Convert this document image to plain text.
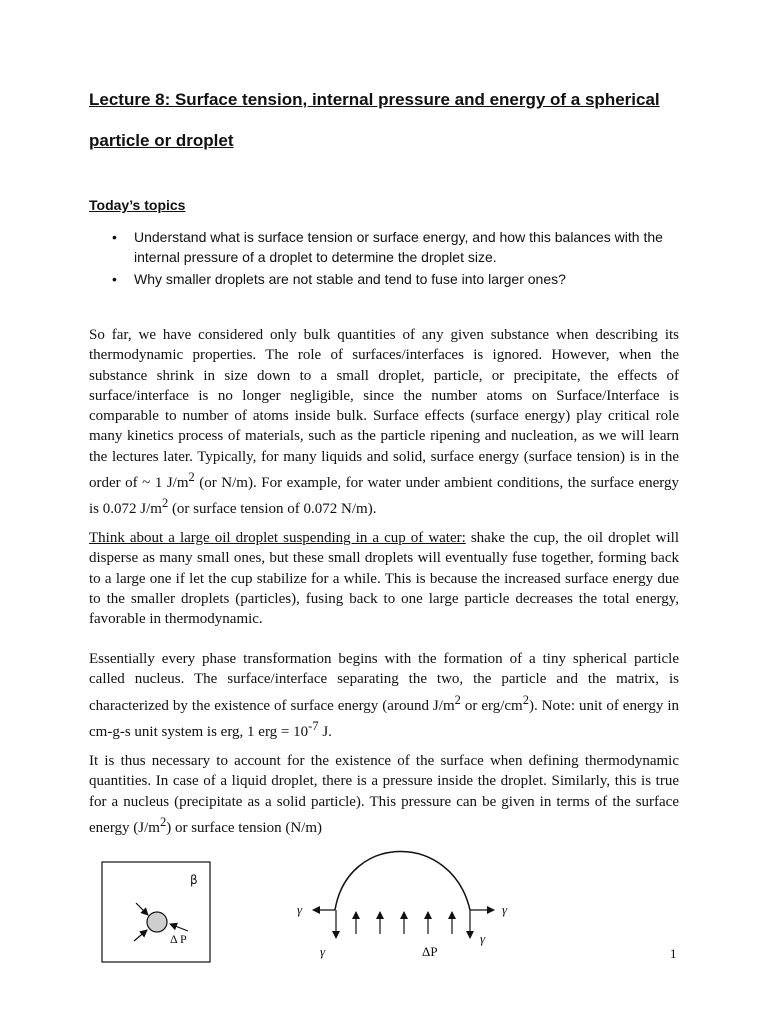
Lecture 8: Surface tension, internal pressure and energy of a spherical
particle or droplet
Today’s topics
• Understand what is surface tension or surface energy, and how this balances with the internal pressure of a droplet to determine the droplet size.
• Why smaller droplets are not stable and tend to fuse into larger ones?

So far, we have considered only bulk quantities of any given substance when describing its thermodynamic properties. The role of surfaces/interfaces is ignored. However, when the substance shrink in size down to a small droplet, particle, or precipitate, the effects of surface/interface is no longer negligible, since the number atoms on Surface/Interface is comparable to number of atoms inside bulk. Surface effects (surface energy) play critical role many kinetics process of materials, such as the particle ripening and nucleation, as we will learn the lectures later. Typically, for many liquids and solid, surface energy (surface tension) is in the order of ~ 1 $J/m^2$ (or N/m). For example, for water under ambient conditions, the surface energy is 0.072 $J/m^2$ (or surface tension of 0.072 N/m).

Think about a large oil droplet suspending in a cup of water: shake the cup, the oil droplet will disperse as many small ones, but these small droplets will eventually fuse together, forming back to a large one if let the cup stabilize for a while. This is because the increased surface energy due to the smaller droplets (particles), fusing back to one large particle decreases the total energy, favorable in thermodynamic.

Essentially every phase transformation begins with the formation of a tiny spherical particle called nucleus. The surface/interface separating the two, the particle and the matrix, is characterized by the existence of surface energy (around $J/m^2$ or erg/$cm^2$). Note: unit of energy in cm-g-s unit system is erg, 1 erg = $10^{-7}$ J.

It is thus necessary to account for the existence of the surface when defining thermodynamic quantities. In case of a liquid droplet, there is a pressure inside the droplet. Similarly, this is true for a nucleus (precipitate as a solid particle). This pressure can be given in terms of the surface energy $(J/m^2)$ or surface tension (N/m)

β
Δ P
γ	γ
γ
γ
ΔP	1
